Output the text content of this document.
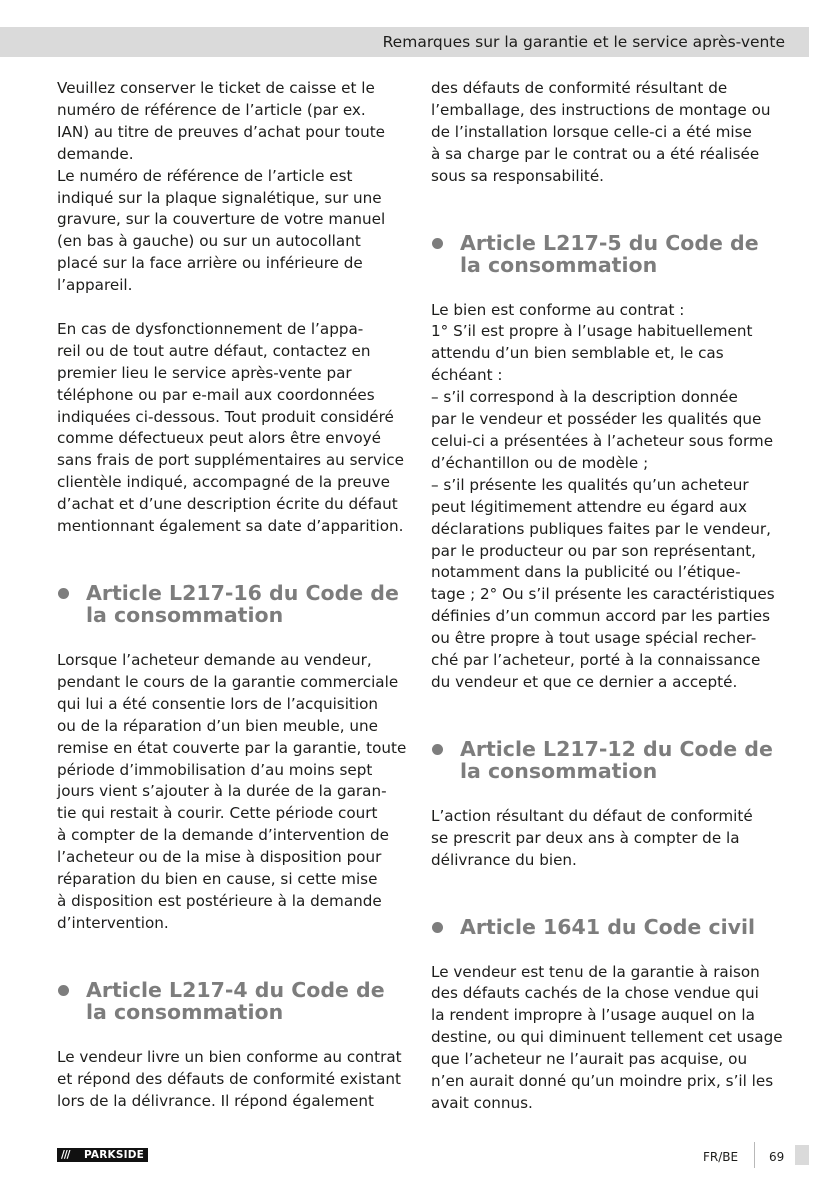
Remarques sur la garantie et le service après-vente

Veuillez conserver le ticket de caisse et le
numéro de référence de l’article (par ex.
IAN) au titre de preuves d’achat pour toute
demande.
Le numéro de référence de l’article est
indiqué sur la plaque signalétique, sur une
gravure, sur la couverture de votre manuel
(en bas à gauche) ou sur un autocollant
placé sur la face arrière ou inférieure de
l’appareil.

En cas de dysfonctionnement de l’appa-
reil ou de tout autre défaut, contactez en
premier lieu le service après-vente par
téléphone ou par e-mail aux coordonnées
indiquées ci-dessous. Tout produit considéré
comme défectueux peut alors être envoyé
sans frais de port supplémentaires au service
clientèle indiqué, accompagné de la preuve
d’achat et d’une description écrite du défaut
mentionnant également sa date d’apparition.

Article L217-16 du Code de
la consommation

Lorsque l’acheteur demande au vendeur,
pendant le cours de la garantie commerciale
qui lui a été consentie lors de l’acquisition
ou de la réparation d’un bien meuble, une
remise en état couverte par la garantie, toute
période d’immobilisation d’au moins sept
jours vient s’ajouter à la durée de la garan-
tie qui restait à courir. Cette période court
à compter de la demande d’intervention de
l’acheteur ou de la mise à disposition pour
réparation du bien en cause, si cette mise
à disposition est postérieure à la demande
d’intervention.

Article L217-4 du Code de
la consommation

Le vendeur livre un bien conforme au contrat
et répond des défauts de conformité existant
lors de la délivrance. Il répond également

des défauts de conformité résultant de
l’emballage, des instructions de montage ou
de l’installation lorsque celle-ci a été mise
à sa charge par le contrat ou a été réalisée
sous sa responsabilité.

Article L217-5 du Code de
la consommation

Le bien est conforme au contrat :
1° S’il est propre à l’usage habituellement
attendu d’un bien semblable et, le cas
échéant :
– s’il correspond à la description donnée
par le vendeur et posséder les qualités que
celui-ci a présentées à l’acheteur sous forme
d’échantillon ou de modèle ;
– s’il présente les qualités qu’un acheteur
peut légitimement attendre eu égard aux
déclarations publiques faites par le vendeur,
par le producteur ou par son représentant,
notamment dans la publicité ou l’étique-
tage ; 2° Ou s’il présente les caractéristiques
définies d’un commun accord par les parties
ou être propre à tout usage spécial recher-
ché par l’acheteur, porté à la connaissance
du vendeur et que ce dernier a accepté.

Article L217-12 du Code de
la consommation

L’action résultant du défaut de conformité
se prescrit par deux ans à compter de la
délivrance du bien.

Article 1641 du Code civil

Le vendeur est tenu de la garantie à raison
des défauts cachés de la chose vendue qui
la rendent impropre à l’usage auquel on la
destine, ou qui diminuent tellement cet usage
que l’acheteur ne l’aurait pas acquise, ou
n’en aurait donné qu’un moindre prix, s’il les
avait connus.

/// PARKSIDE	FR/BE	69
